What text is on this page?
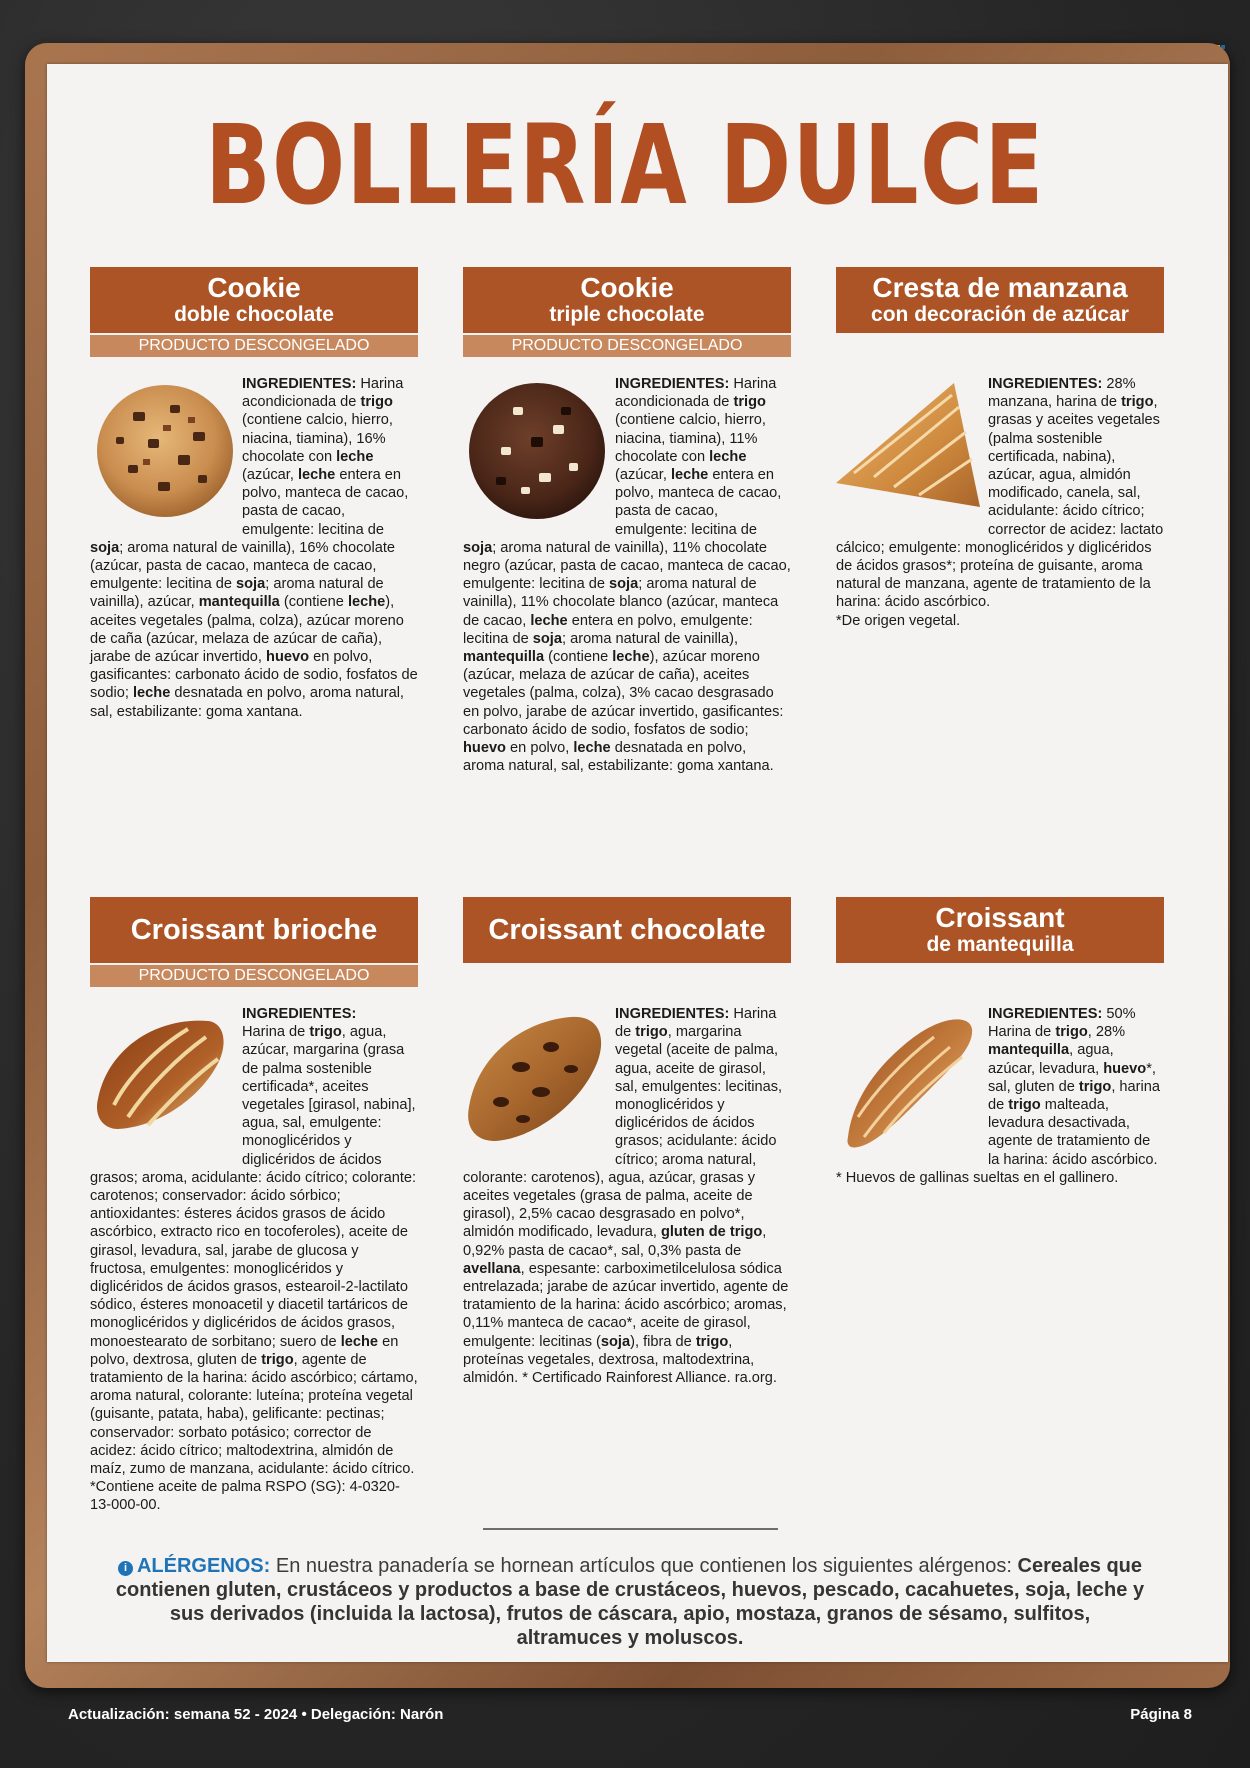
BOLLERÍA DULCE
Cookie
doble chocolate
PRODUCTO DESCONGELADO
INGREDIENTES: Harina acondicionada de trigo (contiene calcio, hierro, niacina, tiamina), 16% chocolate con leche (azúcar, leche entera en polvo, manteca de cacao, pasta de cacao, emulgente: lecitina de soja; aroma natural de vainilla), 16% chocolate (azúcar, pasta de cacao, manteca de cacao, emulgente: lecitina de soja; aroma natural de vainilla), azúcar, mantequilla (contiene leche), aceites vegetales (palma, colza), azúcar moreno de caña (azúcar, melaza de azúcar de caña), jarabe de azúcar invertido, huevo en polvo, gasificantes: carbonato ácido de sodio, fosfatos de sodio; leche desnatada en polvo, aroma natural, sal, estabilizante: goma xantana.
Cookie
triple chocolate
PRODUCTO DESCONGELADO
INGREDIENTES: Harina acondicionada de trigo (contiene calcio, hierro, niacina, tiamina), 11% chocolate con leche (azúcar, leche entera en polvo, manteca de cacao, pasta de cacao, emulgente: lecitina de soja; aroma natural de vainilla), 11% chocolate negro (azúcar, pasta de cacao, manteca de cacao, emulgente: lecitina de soja; aroma natural de vainilla), 11% chocolate blanco (azúcar, manteca de cacao, leche entera en polvo, emulgente: lecitina de soja; aroma natural de vainilla), mantequilla (contiene leche), azúcar moreno (azúcar, melaza de azúcar de caña), aceites vegetales (palma, colza), 3% cacao desgrasado en polvo, jarabe de azúcar invertido, gasificantes: carbonato ácido de sodio, fosfatos de sodio; huevo en polvo, leche desnatada en polvo, aroma natural, sal, estabilizante: goma xantana.
Cresta de manzana
con decoración de azúcar
INGREDIENTES: 28% manzana, harina de trigo, grasas y aceites vegetales (palma sostenible certificada, nabina), azúcar, agua, almidón modificado, canela, sal, acidulante: ácido cítrico; corrector de acidez: lactato cálcico; emulgente: monoglicéridos y diglicéridos de ácidos grasos*; proteína de guisante, aroma natural de manzana, agente de tratamiento de la harina: ácido ascórbico.
*De origen vegetal.
Croissant brioche
PRODUCTO DESCONGELADO
INGREDIENTES:
Harina de trigo, agua, azúcar, margarina (grasa de palma sostenible certificada*, aceites vegetales [girasol, nabina], agua, sal, emulgente: monoglicéridos y diglicéridos de ácidos grasos; aroma, acidulante: ácido cítrico; colorante: carotenos; conservador: ácido sórbico; antioxidantes: ésteres ácidos grasos de ácido ascórbico, extracto rico en tocoferoles), aceite de girasol, levadura, sal, jarabe de glucosa y fructosa, emulgentes: monoglicéridos y diglicéridos de ácidos grasos, estearoil-2-lactilato sódico, ésteres monoacetil y diacetil tartáricos de monoglicéridos y diglicéridos de ácidos grasos, monoestearato de sorbitano; suero de leche en polvo, dextrosa, gluten de trigo, agente de tratamiento de la harina: ácido ascórbico; cártamo, aroma natural, colorante: luteína; proteína vegetal (guisante, patata, haba), gelificante: pectinas; conservador: sorbato potásico; corrector de acidez: ácido cítrico; maltodextrina, almidón de maíz, zumo de manzana, acidulante: ácido cítrico. *Contiene aceite de palma RSPO (SG): 4-0320-13-000-00.
Croissant chocolate
INGREDIENTES: Harina de trigo, margarina vegetal (aceite de palma, agua, aceite de girasol, sal, emulgentes: lecitinas, monoglicéridos y diglicéridos de ácidos grasos; acidulante: ácido cítrico; aroma natural, colorante: carotenos), agua, azúcar, grasas y aceites vegetales (grasa de palma, aceite de girasol), 2,5% cacao desgrasado en polvo*, almidón modificado, levadura, gluten de trigo, 0,92% pasta de cacao*, sal, 0,3% pasta de avellana, espesante: carboximetilcelulosa sódica entrelazada; jarabe de azúcar invertido, agente de tratamiento de la harina: ácido ascórbico; aromas, 0,11% manteca de cacao*, aceite de girasol, emulgente: lecitinas (soja), fibra de trigo, proteínas vegetales, dextrosa, maltodextrina, almidón. * Certificado Rainforest Alliance. ra.org.
Croissant
de mantequilla
INGREDIENTES: 50% Harina de trigo, 28% mantequilla, agua, azúcar, levadura, huevo*, sal, gluten de trigo, harina de trigo malteada, levadura desactivada, agente de tratamiento de la harina: ácido ascórbico.
* Huevos de gallinas sueltas en el gallinero.
i ALÉRGENOS: En nuestra panadería se hornean artículos que contienen los siguientes alérgenos: Cereales que contienen gluten, crustáceos y productos a base de crustáceos, huevos, pescado, cacahuetes, soja, leche y sus derivados (incluida la lactosa), frutos de cáscara, apio, mostaza, granos de sésamo, sulfitos, altramuces y moluscos.
Actualización: semana 52 - 2024 • Delegación: Narón	Página 8
